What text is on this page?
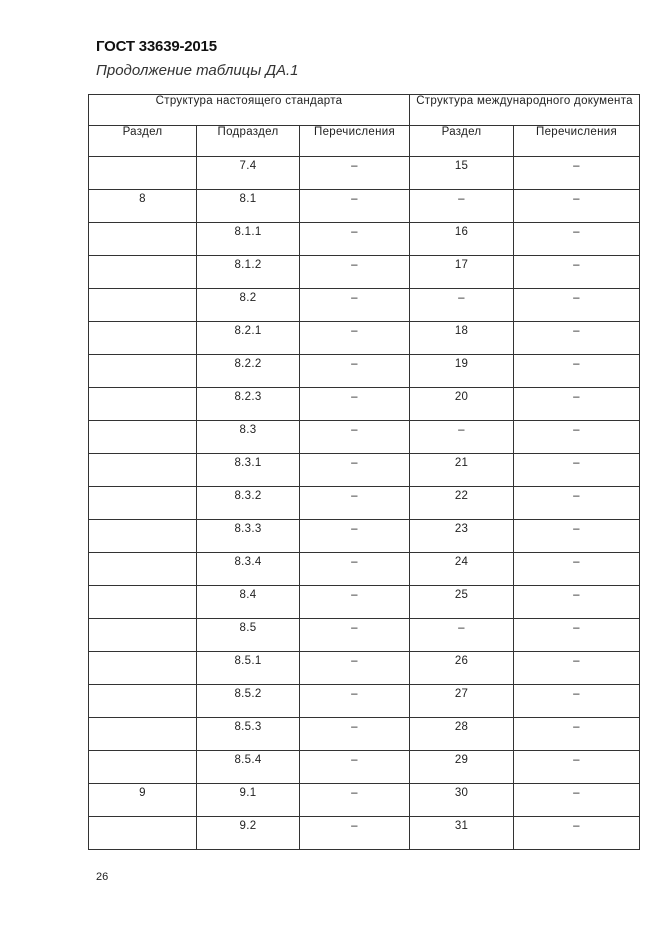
ГОСТ 33639-2015
Продолжение таблицы ДА.1
Структура настоящего стандарта			Структура международного документа	
Раздел	Подраздел	Перечисления	Раздел	Перечисления
	7.4	–	15	–
8	8.1	–	–	–
	8.1.1	–	16	–
	8.1.2	–	17	–
	8.2	–	–	–
	8.2.1	–	18	–
	8.2.2	–	19	–
	8.2.3	–	20	–
	8.3	–	–	–
	8.3.1	–	21	–
	8.3.2	–	22	–
	8.3.3	–	23	–
	8.3.4	–	24	–
	8.4	–	25	–
	8.5	–	–	–
	8.5.1	–	26	–
	8.5.2	–	27	–
	8.5.3	–	28	–
	8.5.4	–	29	–
9	9.1	–	30	–
	9.2	–	31	–
26
